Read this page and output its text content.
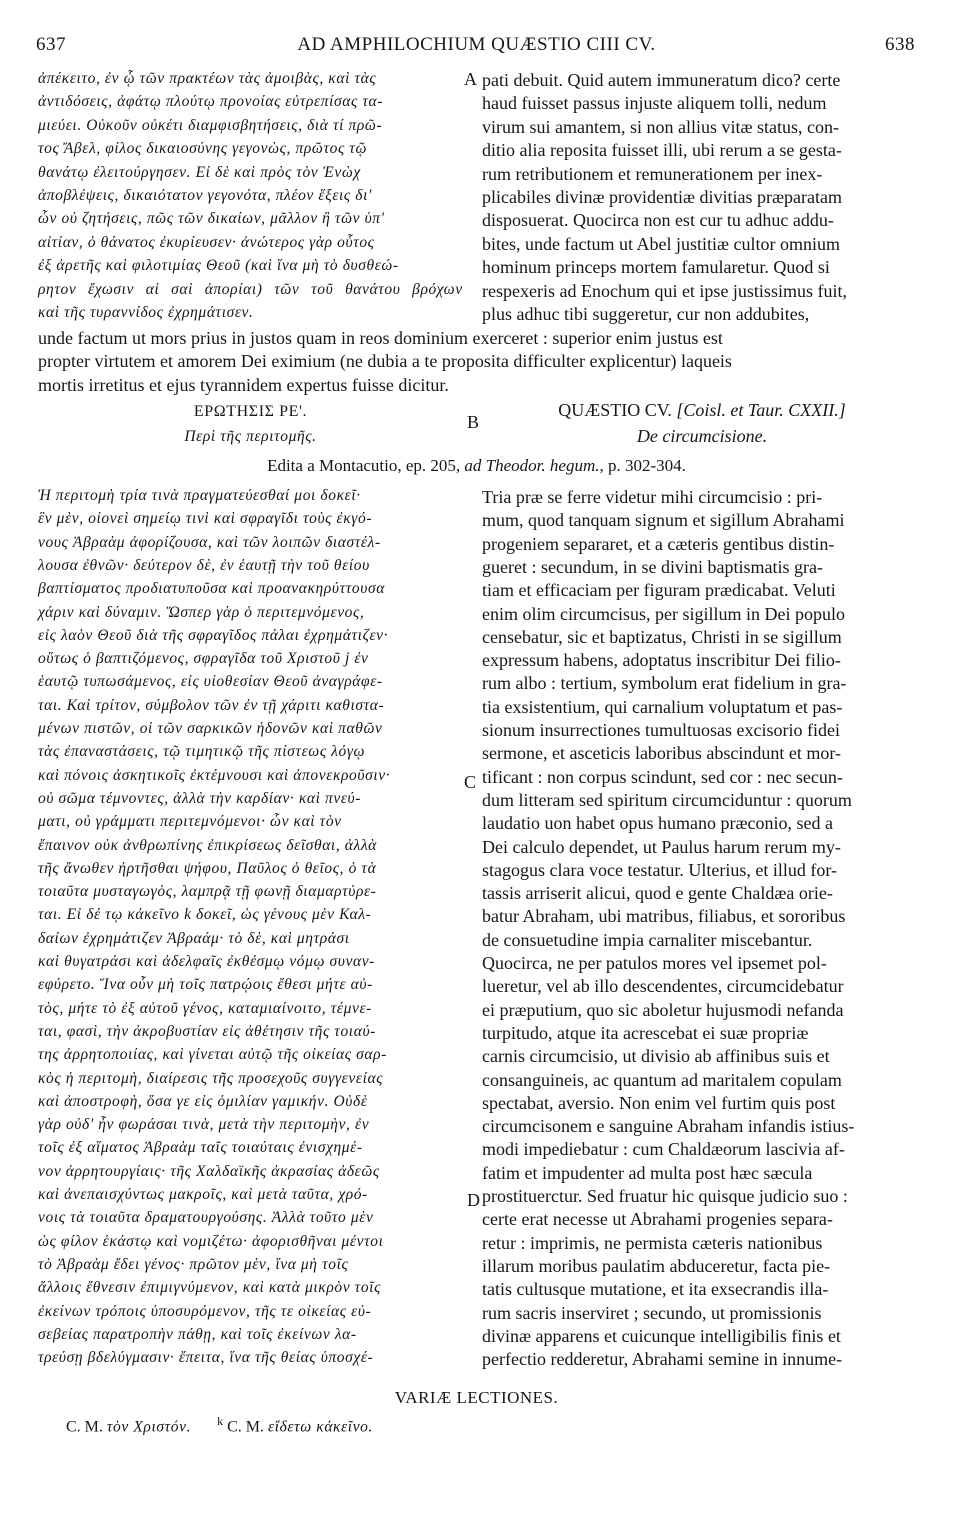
637	AD AMPHILOCHIUM QUÆSTIO CIII CV.	638
ἀπέκειτο, ἐν ᾧ τῶν πρακτέων τὰς ἀμοιβὰς, καὶ τὰς
ἀντιδόσεις, ἀφάτῳ πλούτῳ προνοίας εὐτρεπίσας τα-
μιεύει. Οὐκοῦν οὐκέτι διαμφισβητήσεις, διὰ τί πρῶ-
τος Ἄβελ, φίλος δικαιοσύνης γεγονὼς, πρῶτος τῷ
θανάτῳ ἐλειτούργησεν. Εἰ δὲ καὶ πρὸς τὸν Ἐνὼχ
ἀποβλέψεις, δικαιότατον γεγονότα, πλέον ἕξεις δι'
ὧν οὐ ζητήσεις, πῶς τῶν δικαίων, μᾶλλον ἢ τῶν ὑπ'
αἰτίαν, ὁ θάνατος ἐκυρίευσεν· ἀνώτερος γὰρ οὗτος
ἐξ ἀρετῆς καὶ φιλοτιμίας Θεοῦ (καὶ ἵνα μὴ τὸ δυσθεώ-
ρητον ἔχωσιν αἱ σαὶ ἀπορίαι) τῶν τοῦ θανάτου βρόχων
καὶ τῆς τυραννίδος ἐχρημάτισεν.
pati debuit. Quid autem immuneratum dico? certe
haud fuisset passus injuste aliquem tolli, nedum
virum sui amantem, si non allius vitæ status, con-
ditio alia reposita fuisset illi, ubi rerum a se gesta-
rum retributionem et remunerationem per inex-
plicabiles divinæ providentiæ divitias præparatam
disposuerat. Quocirca non est cur tu adhuc addu-
bites, unde factum ut Abel justitiæ cultor omnium
hominum princeps mortem famularetur. Quod si
respexeris ad Enochum qui et ipse justissimus fuit,
plus adhuc tibi suggeretur, cur non addubites,
A
unde factum ut mors prius in justos quam in reos dominium exerceret : superior enim justus est
propter virtutem et amorem Dei eximium (ne dubia a te proposita difficulter explicentur) laqueis
mortis irretitus et ejus tyrannidem expertus fuisse dicitur.
ΕΡΩΤΗΣΙΣ ΡΕ'.
Περὶ τῆς περιτομῆς.
B
QUÆSTIO CV. [Coisl. et Taur. CXXII.]
De circumcisione.
Edita a Montacutio, ep. 205, ad Theodor. hegum., p. 302-304.
Ἡ περιτομὴ τρία τινὰ πραγματεύεσθαί μοι δοκεῖ·
ἓν μὲν, οἱονεὶ σημείῳ τινὶ καὶ σφραγῖδι τοὺς ἐκγό-
νους Ἀβραὰμ ἀφορίζουσα, καὶ τῶν λοιπῶν διαστέλ-
λουσα ἐθνῶν· δεύτερον δὲ, ἐν ἑαυτῇ τὴν τοῦ θείου
βαπτίσματος προδιατυποῦσα καὶ προανακηρύττουσα
χάριν καὶ δύναμιν. Ὥσπερ γὰρ ὁ περιτεμνόμενος,
εἰς λαὸν Θεοῦ διὰ τῆς σφραγῖδος πάλαι ἐχρημάτιζεν·
οὕτως ὁ βαπτιζόμενος, σφραγῖδα τοῦ Χριστοῦ j ἐν
ἑαυτῷ τυπωσάμενος, εἰς υἱοθεσίαν Θεοῦ ἀναγράφε-
ται. Καὶ τρίτον, σύμβολον τῶν ἐν τῇ χάριτι καθιστα-
μένων πιστῶν, οἱ τῶν σαρκικῶν ἡδονῶν καὶ παθῶν
τὰς ἐπαναστάσεις, τῷ τιμητικῷ τῆς πίστεως λόγῳ
καὶ πόνοις ἀσκητικοῖς ἐκτέμνουσι καὶ ἀπονεκροῦσιν·
οὐ σῶμα τέμνοντες, ἀλλὰ τὴν καρδίαν· καὶ πνεύ-
ματι, οὐ γράμματι περιτεμνόμενοι· ὧν καὶ τὸν
ἔπαινον οὐκ ἀνθρωπίνης ἐπικρίσεως δεῖσθαι, ἀλλὰ
τῆς ἄνωθεν ἠρτῆσθαι ψήφου, Παῦλος ὁ θεῖος, ὁ τὰ
τοιαῦτα μυσταγωγὸς, λαμπρᾷ τῇ φωνῇ διαμαρτύρε-
ται. Εἰ δέ τῳ κἀκεῖνο k δοκεῖ, ὡς γένους μὲν Καλ-
δαίων ἐχρημάτιζεν Ἀβραάμ· τὸ δὲ, καὶ μητράσι
καὶ θυγατράσι καὶ ἀδελφαῖς ἐκθέσμῳ νόμῳ συναν-
εφύρετο. Ἵνα οὖν μὴ τοῖς πατρῴοις ἔθεσι μήτε αὐ-
τὸς, μήτε τὸ ἐξ αὐτοῦ γένος, καταμιαίνοιτο, τέμνε-
ται, φασὶ, τὴν ἀκροβυστίαν εἰς ἀθέτησιν τῆς τοιαύ-
της ἀρρητοποιίας, καὶ γίνεται αὐτῷ τῆς οἰκείας σαρ-
κὸς ἡ περιτομὴ, διαίρεσις τῆς προσεχοῦς συγγενείας
καὶ ἀποστροφὴ, ὅσα γε εἰς ὁμιλίαν γαμικήν. Οὐδὲ
γὰρ οὐδ' ἦν φωράσαι τινὰ, μετὰ τὴν περιτομὴν, ἐν
τοῖς ἐξ αἵματος Ἀβραὰμ ταῖς τοιαύταις ἐνισχημέ-
νον ἀρρητουργίαις· τῆς Χαλδαϊκῆς ἀκρασίας ἀδεῶς
καὶ ἀνεπαισχύντως μακροῖς, καὶ μετὰ ταῦτα, χρό-
νοις τὰ τοιαῦτα δραματουργούσης. Ἀλλὰ τοῦτο μὲν
ὡς φίλον ἑκάστῳ καὶ νομιζέτω· ἀφορισθῆναι μέντοι
τὸ Ἀβραὰμ ἔδει γένος· πρῶτον μὲν, ἵνα μὴ τοῖς
ἄλλοις ἔθνεσιν ἐπιμιγνύμενον, καὶ κατὰ μικρὸν τοῖς
ἐκείνων τρόποις ὑποσυρόμενον, τῆς τε οἰκείας εὐ-
σεβείας παρατροπὴν πάθῃ, καὶ τοῖς ἐκείνων λα-
τρεύσῃ βδελύγμασιν· ἔπειτα, ἵνα τῆς θείας ὑποσχέ-
Tria præ se ferre videtur mihi circumcisio : pri-
mum, quod tanquam signum et sigillum Abrahami
progeniem separaret, et a cæteris gentibus distin-
gueret : secundum, in se divini baptismatis gra-
tiam et efficaciam per figuram prædicabat. Veluti
enim olim circumcisus, per sigillum in Dei populo
censebatur, sic et baptizatus, Christi in se sigillum
expressum habens, adoptatus inscribitur Dei filio-
rum albo : tertium, symbolum erat fidelium in gra-
tia exsistentium, qui carnalium voluptatum et pas-
sionum insurrectiones tumultuosas excisorio fidei
sermone, et asceticis laboribus abscindunt et mor-
tificant : non corpus scindunt, sed cor : nec secun-
dum litteram sed spiritum circumciduntur : quorum
laudatio uon habet opus humano præconio, sed a
Dei calculo dependet, ut Paulus harum rerum my-
stagogus clara voce testatur. Ulterius, et illud for-
tassis arriserit alicui, quod e gente Chaldæa orie-
batur Abraham, ubi matribus, filiabus, et sororibus
de consuetudine impia carnaliter miscebantur.
Quocirca, ne per patulos mores vel ipsemet pol-
lueretur, vel ab illo descendentes, circumcidebatur
ei præputium, quo sic aboletur hujusmodi nefanda
turpitudo, atque ita acrescebat ei suæ propriæ
carnis circumcisio, ut divisio ab affinibus suis et
consanguineis, ac quantum ad maritalem copulam
spectabat, aversio. Non enim vel furtim quis post
circumcisonem e sanguine Abraham infandis istius-
modi impediebatur : cum Chaldæorum lascivia af-
fatim et impudenter ad multa post hæc sæcula
prostituerctur. Sed fruatur hic quisque judicio suo :
certe erat necesse ut Abrahami progenies separa-
retur : imprimis, ne permista cæteris nationibus
illarum moribus paulatim abduceretur, facta pie-
tatis cultusque mutatione, et ita exsecrandis illa-
rum sacris inserviret ; secundo, ut promissionis
divinæ apparens et cuicunque intelligibilis finis et
perfectio redderetur, Abrahami semine in innume-
C
D
VARIÆ LECTIONES.
C. M. τὸν Χριστόν. $^k$ C. M. εἴδετω κἀκεῖνο.
